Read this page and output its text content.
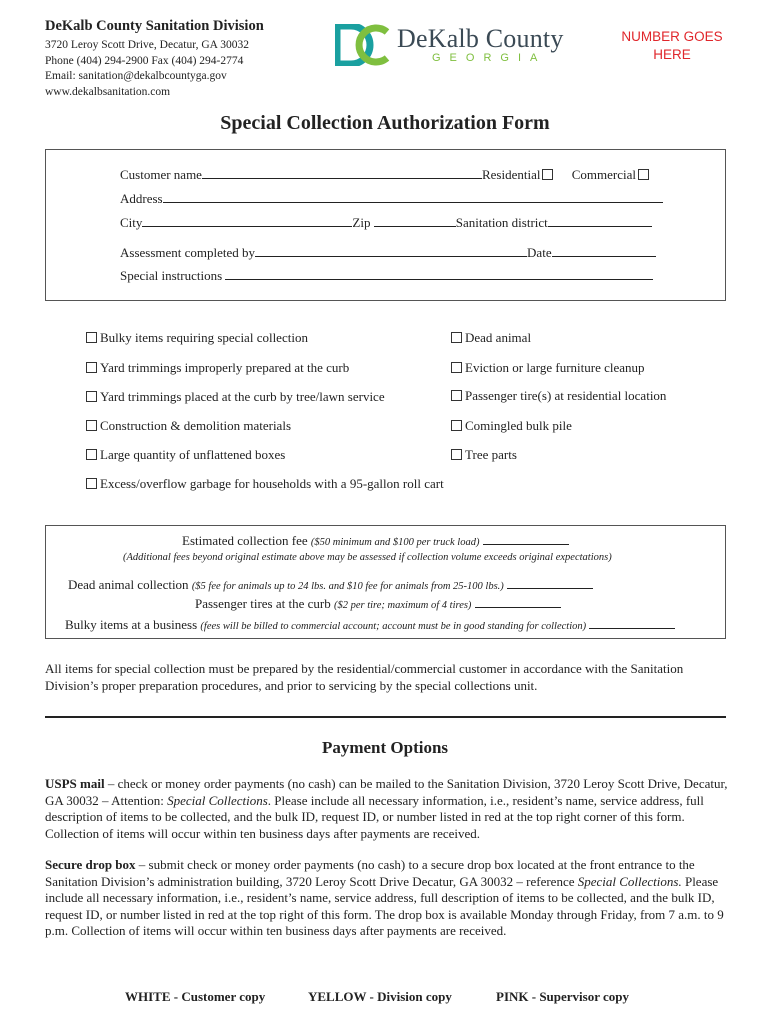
DeKalb County Sanitation Division
3720 Leroy Scott Drive, Decatur, GA 30032
Phone (404) 294-2900 Fax (404) 294-2774
Email: sanitation@dekalbcountyga.gov
www.dekalbsanitation.com
DeKalb County
GEORGIA
NUMBER GOES
HERE
Special Collection Authorization Form
Customer name	Residential Commercial
Address
City	Zip	Sanitation district
Assessment completed by	Date
Special instructions
Bulky items requiring special collection
Yard trimmings improperly prepared at the curb
Yard trimmings placed at the curb by tree/lawn service
Construction & demolition materials
Large quantity of unflattened boxes
Excess/overflow garbage for households with a 95-gallon roll cart
Dead animal
Eviction or large furniture cleanup
Passenger tire(s) at residential location
Comingled bulk pile
Tree parts
Estimated collection fee ($50 minimum and $100 per truck load)
(Additional fees beyond original estimate above may be assessed if collection volume exceeds original expectations)
Dead animal collection ($5 fee for animals up to 24 lbs. and $10 fee for animals from 25-100 lbs.)
Passenger tires at the curb ($2 per tire; maximum of 4 tires)
Bulky items at a business (fees will be billed to commercial account; account must be in good standing for collection)
All items for special collection must be prepared by the residential/commercial customer in accordance with the Sanitation Division’s proper preparation procedures, and prior to servicing by the special collections unit.
Payment Options
USPS mail – check or money order payments (no cash) can be mailed to the Sanitation Division, 3720 Leroy Scott Drive, Decatur, GA 30032 – Attention: Special Collections. Please include all necessary information, i.e., resident’s name, service address, full description of items to be collected, and the bulk ID, request ID, or number listed in red at the top right corner of this form. Collection of items will occur within ten business days after payments are received.
Secure drop box – submit check or money order payments (no cash) to a secure drop box located at the front entrance to the Sanitation Division’s administration building, 3720 Leroy Scott Drive Decatur, GA 30032 – reference Special Collections. Please include all necessary information, i.e., resident’s name, service address, full description of items to be collected, and the bulk ID, request ID, or number listed in red at the top right of this form. The drop box is available Monday through Friday, from 7 a.m. to 9 p.m. Collection of items will occur within ten business days after payments are received.
WHITE - Customer copy	YELLOW - Division copy	PINK - Supervisor copy
